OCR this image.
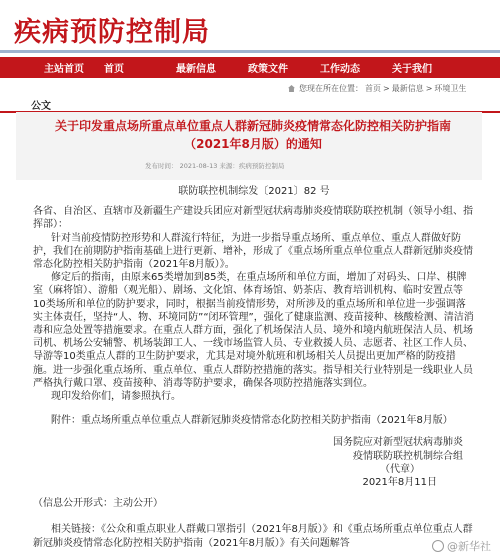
疾病预防控制局
主站首页	首页	最新信息	政策文件	工作动态	关于我们
您现在所在位置： 首页 > 最新信息 > 环境卫生
公文
关于印发重点场所重点单位重点人群新冠肺炎疫情常态化防控相关防护指南（2021年8月版）的通知
发布时间： 2021-08-13 来源：疾病预防控制局
联防联控机制综发〔2021〕82 号

各省、自治区、直辖市及新疆生产建设兵团应对新型冠状病毒肺炎疫情联防联控机制（领导小组、指挥部）：

针对当前疫情防控形势和人群流行特征，为进一步指导重点场所、重点单位、重点人群做好防护，我们在前期防护指南基础上进行更新、增补，形成了《重点场所重点单位重点人群新冠肺炎疫情常态化防控相关防护指南（2021年8月版）》。

修定后的指南，由原来65类增加到85类，在重点场所和单位方面，增加了对码头、口岸、棋牌室（麻将馆）、游船（观光船）、剧场、文化馆、体育场馆、奶茶店、教育培训机构、临时安置点等10类场所和单位的防护要求，同时，根据当前疫情形势，对所涉及的重点场所和单位进一步强调落实主体责任，坚持“人、物、环境同防”“闭环管理”，强化了健康监测、疫苗接种、核酸检测、清洁消毒和应急处置等措施要求。在重点人群方面，强化了机场保洁人员、境外和境内航班保洁人员、机场司机、机场公安辅警、机场装卸工人、一线市场监管人员、专业救援人员、志愿者、社区工作人员、导游等10类重点人群的卫生防护要求，尤其是对境外航班和机场相关人员提出更加严格的防疫措施。进一步强化重点场所、重点单位、重点人群防控措施的落实。指导相关行业特别是一线职业人员严格执行戴口罩、疫苗接种、消毒等防护要求，确保各项防控措施落实到位。

现印发给你们，请参照执行。

附件：重点场所重点单位重点人群新冠肺炎疫情常态化防控相关防护指南（2021年8月版）

国务院应对新型冠状病毒肺炎

疫情联防联控机制综合组

（代章）

2021年8月11日

（信息公开形式：主动公开）

相关链接：《公众和重点职业人群戴口罩指引（2021年8月版）》和《重点场所重点单位重点人群新冠肺炎疫情常态化防控相关防护指南（2021年8月版）》有关问题解答	@新华社
